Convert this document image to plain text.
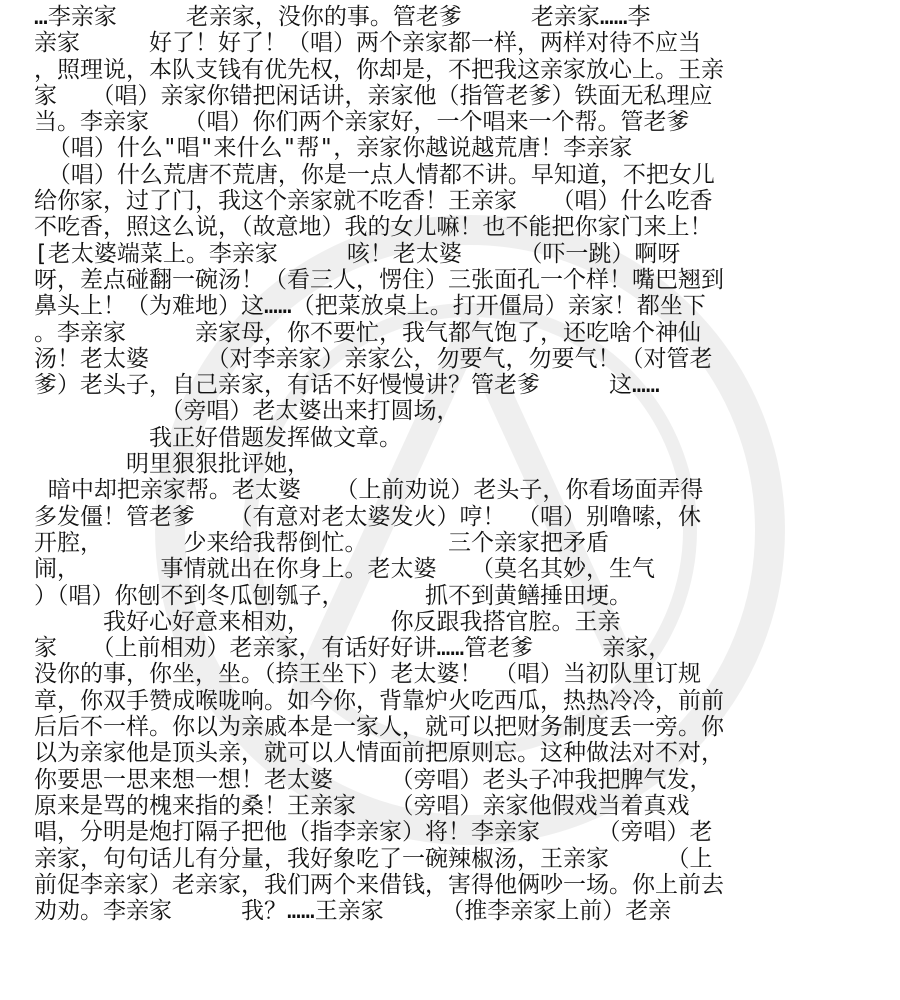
…李亲家　　　老亲家，没你的事。管老爹　　　老亲家……李
亲家　　　好了！好了！（唱）两个亲家都一样，两样对待不应当
，照理说，本队支钱有优先权，你却是，不把我这亲家放心上。王亲
家　　（唱）亲家你错把闲话讲，亲家他（指管老爹）铁面无私理应
当。李亲家　　（唱）你们两个亲家好，一个唱来一个帮。管老爹
（唱）什么"唱"来什么"帮"，亲家你越说越荒唐！李亲家
（唱）什么荒唐不荒唐，你是一点人情都不讲。早知道，不把女儿
给你家，过了门，我这个亲家就不吃香！王亲家　　（唱）什么吃香
不吃香，照这么说，（故意地）我的女儿嘛！也不能把你家门来上！
[老太婆端菜上。李亲家　　　咳！老太婆　　　（吓一跳）啊呀
呀，差点碰翻一碗汤！（看三人，愣住）三张面孔一个样！嘴巴翘到
鼻头上！（为难地）这……（把菜放桌上。打开僵局）亲家！都坐下
。李亲家　　　亲家母，你不要忙，我气都气饱了，还吃啥个神仙
汤！老太婆　　　（对李亲家）亲家公，勿要气，勿要气！（对管老
爹）老头子，自己亲家，有话不好慢慢讲？管老爹　　　这……
　　　　　　（旁唱）老太婆出来打圆场，
　　　　　我正好借题发挥做文章。
　　　　明里狠狠批评她，
暗中却把亲家帮。老太婆　　（上前劝说）老头子，你看场面弄得
多发僵！管老爹　　（有意对老太婆发火）哼！　（唱）别噜嗦，休
开腔，　　　　少来给我帮倒忙。　　　　三个亲家把矛盾
闹，　　　　事情就出在你身上。老太婆　　（莫名其妙，生气
）（唱）你刨不到冬瓜刨瓠子，　　　　抓不到黄鳝捶田埂。
　　　我好心好意来相劝，　　　　你反跟我搭官腔。王亲
家　　（上前相劝）老亲家，有话好好讲……管老爹　　　亲家，
没你的事，你坐，坐。（捺王坐下）老太婆！　（唱）当初队里订规
章，你双手赞成喉咙响。如今你，背靠炉火吃西瓜，热热冷冷，前前
后后不一样。你以为亲戚本是一家人，就可以把财务制度丢一旁。你
以为亲家他是顶头亲，就可以人情面前把原则忘。这种做法对不对，
你要思一思来想一想！老太婆　　　（旁唱）老头子冲我把脾气发，
原来是骂的槐来指的桑！王亲家　　（旁唱）亲家他假戏当着真戏
唱，分明是炮打隔子把他（指李亲家）将！李亲家　　　（旁唱）老
亲家，句句话儿有分量，我好象吃了一碗辣椒汤，王亲家　　　（上
前促李亲家）老亲家，我们两个来借钱，害得他俩吵一场。你上前去
劝劝。李亲家　　　我？……王亲家　　　（推李亲家上前）老亲
